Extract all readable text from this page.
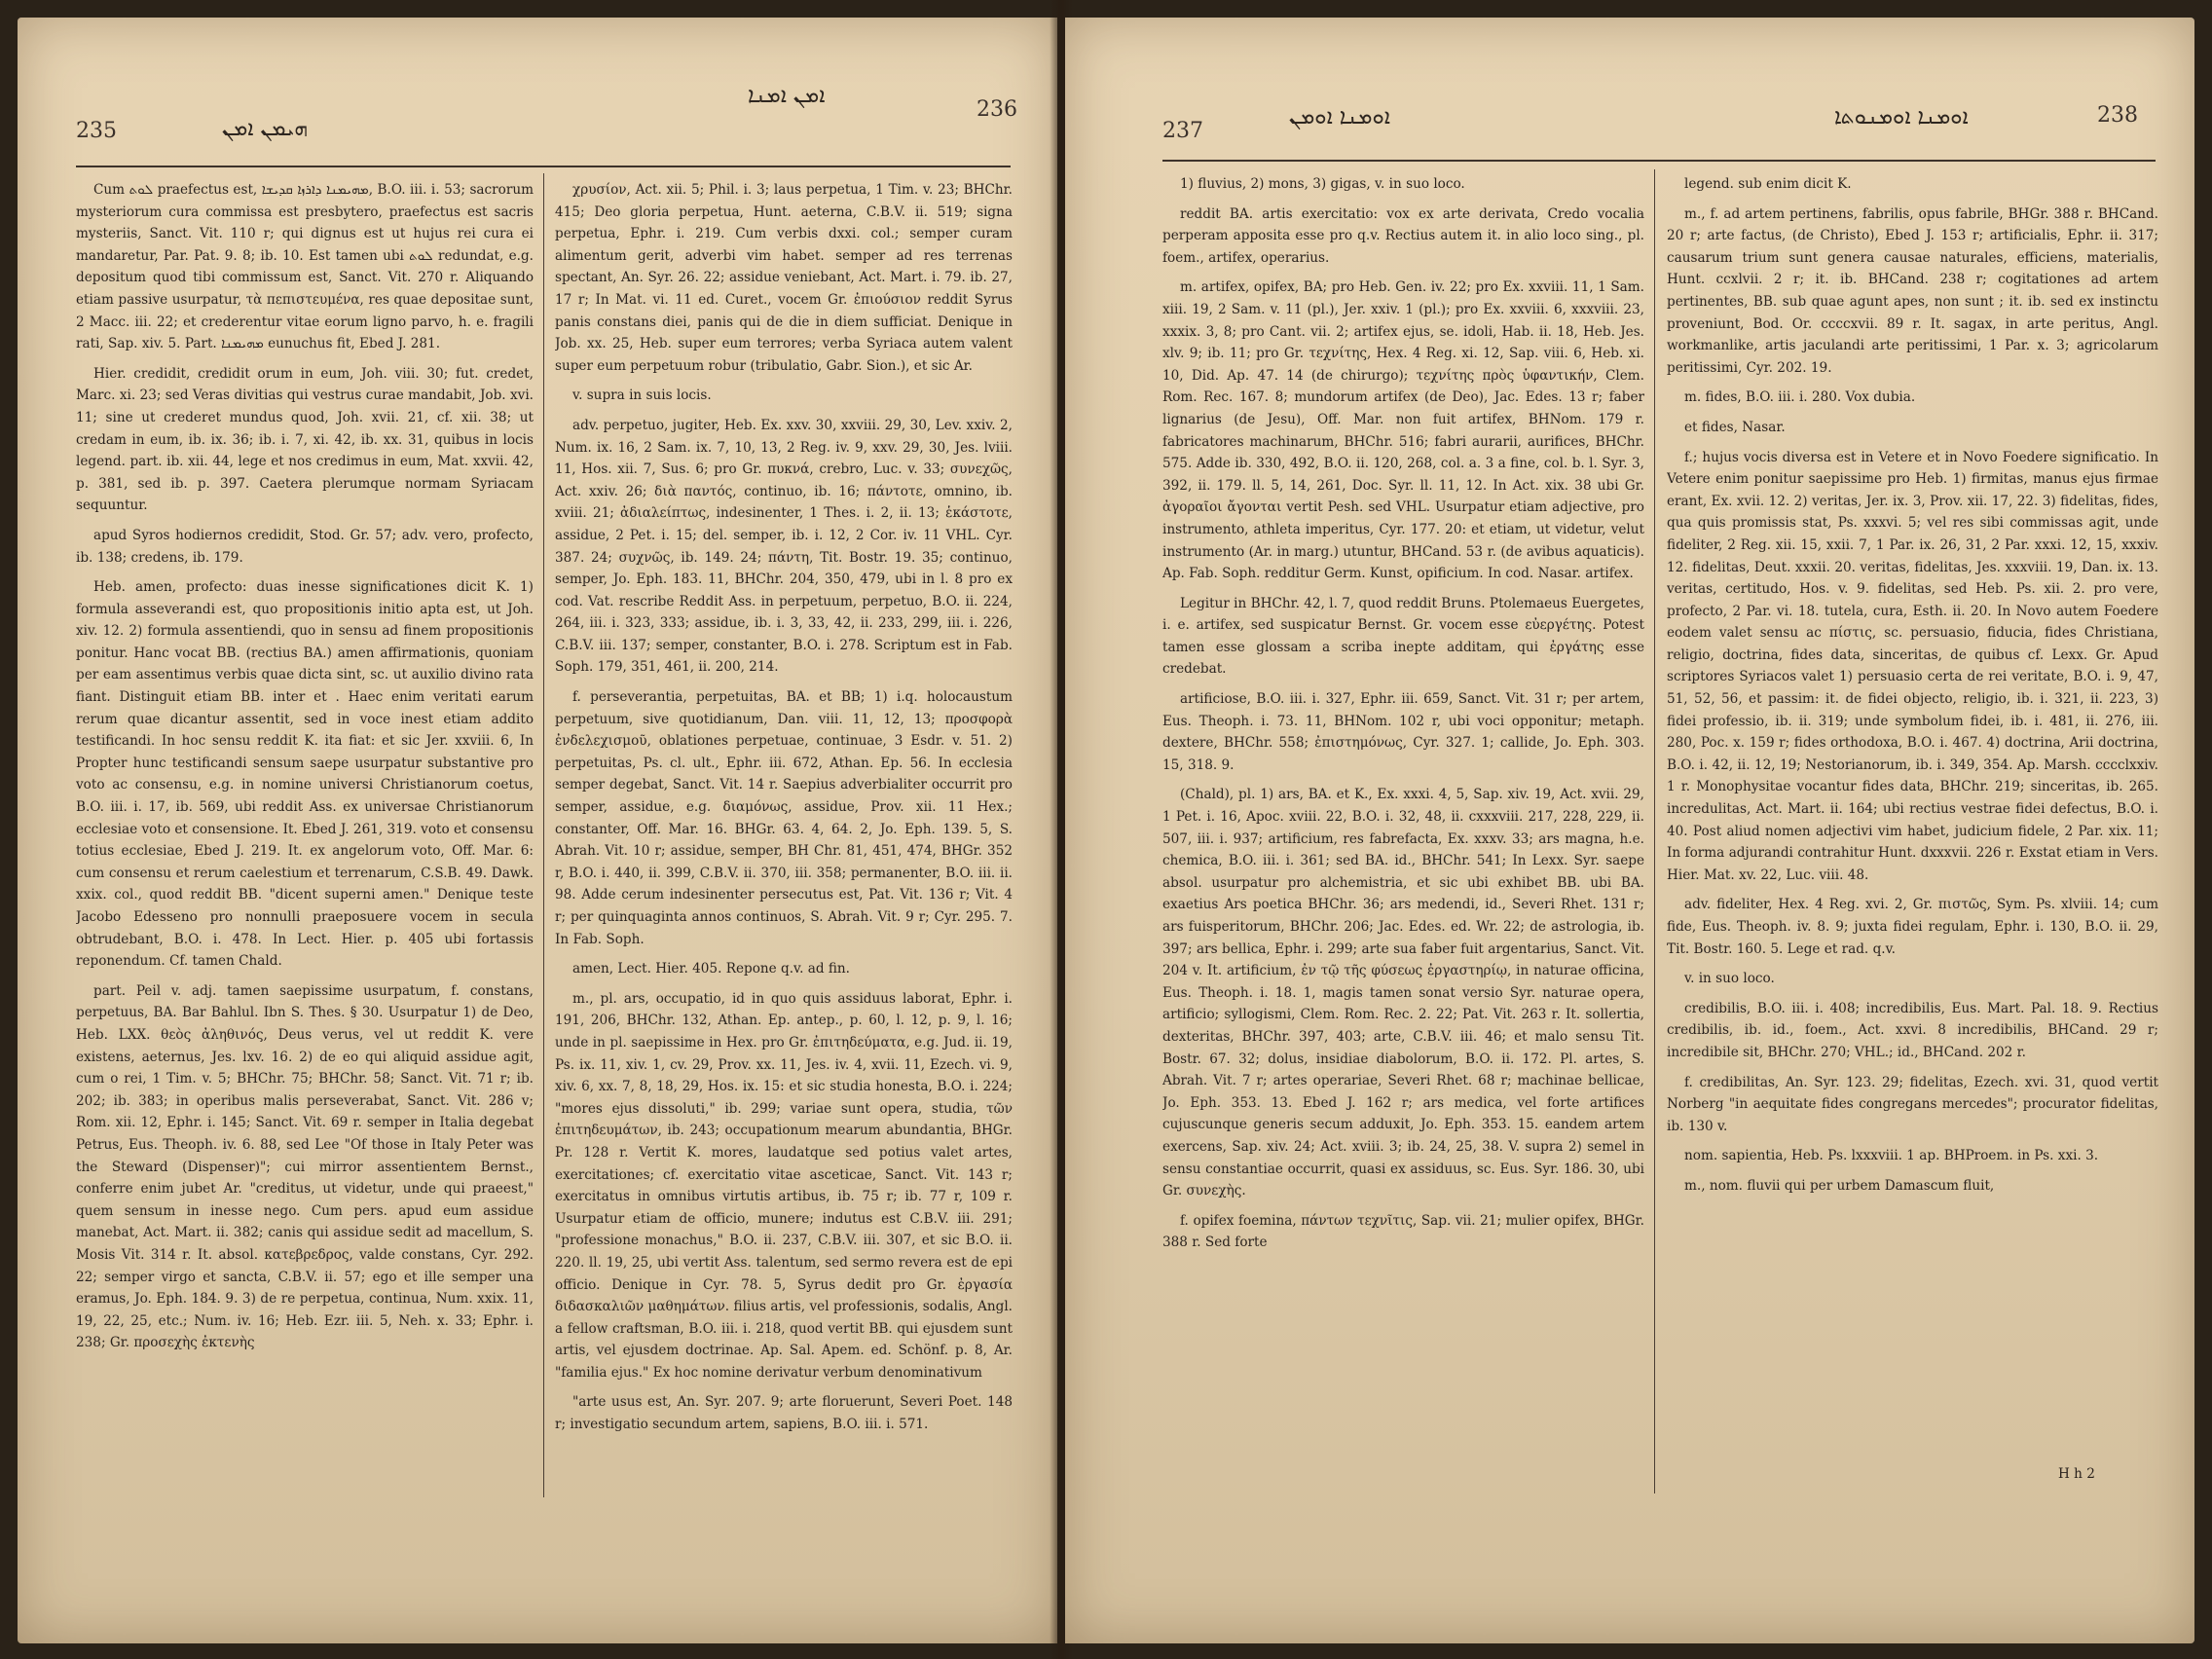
235	ܗܝܡܢ ܐܡܢ
ܐܡܢ ܐܡܢܐ
236

Cum ܠܘܬ praefectus est, ܡܗܝܡܢܐ ܕܐܪܙܐ ܩܕܝܫܐ, B.O. iii. i. 53; sacrorum mysteriorum cura commissa est presbytero, praefectus est sacris mysteriis, Sanct. Vit. 110 r; qui dignus est ut hujus rei cura ei mandaretur, Par. Pat. 9. 8; ib. 10. Est tamen ubi ܠܘܬ redundat, e.g. depositum quod tibi commissum est, Sanct. Vit. 270 r. Aliquando etiam passive usurpatur, τὰ πεπιστευμένα, res quae depositae sunt, 2 Macc. iii. 22; et crederentur vitae eorum ligno parvo, h. e. fragili rati, Sap. xiv. 5. Part. ܡܗܝܡܢܐ eunuchus fit, Ebed J. 281.

Hier. credidit, credidit orum in eum, Joh. viii. 30; fut. credet, Marc. xi. 23; sed Veras divitias qui vestrus curae mandabit, Job. xvi. 11; sine ut crederet mundus quod, Joh. xvii. 21, cf. xii. 38; ut credam in eum, ib. ix. 36; ib. i. 7, xi. 42, ib. xx. 31, quibus in locis legend. part. ib. xii. 44, lege et nos credimus in eum, Mat. xxvii. 42, p. 381, sed ib. p. 397. Caetera plerumque normam Syriacam sequuntur.

apud Syros hodiernos credidit, Stod. Gr. 57; adv. vero, profecto, ib. 138; credens, ib. 179.

Heb. amen, profecto: duas inesse significationes dicit K. 1) formula asseverandi est, quo propositionis initio apta est, ut Joh. xiv. 12. 2) formula assentiendi, quo in sensu ad finem propositionis ponitur. Hanc vocat BB. (rectius BA.) amen affirmationis, quoniam per eam assentimus verbis quae dicta sint, sc. ut auxilio divino rata fiant. Distinguit etiam BB. inter et . Haec enim veritati earum rerum quae dicantur assentit, sed in voce inest etiam addito testificandi. In hoc sensu reddit K. ita fiat: et sic Jer. xxviii. 6, In Propter hunc testificandi sensum saepe usurpatur substantive pro voto ac consensu, e.g. in nomine universi Christianorum coetus, B.O. iii. i. 17, ib. 569, ubi reddit Ass. ex universae Christianorum ecclesiae voto et consensione. It. Ebed J. 261, 319. voto et consensu totius ecclesiae, Ebed J. 219. It. ex angelorum voto, Off. Mar. 6: cum consensu et rerum caelestium et terrenarum, C.S.B. 49. Dawk. xxix. col., quod reddit BB. "dicent superni amen." Denique teste Jacobo Edesseno pro nonnulli praeposuere vocem in secula obtrudebant, B.O. i. 478. In Lect. Hier. p. 405 ubi fortassis reponendum. Cf. tamen Chald.

part. Peil v. adj. tamen saepissime usurpatum, f. constans, perpetuus, BA. Bar Bahlul. Ibn S. Thes. § 30. Usurpatur 1) de Deo, Heb. LXX. θεὸς ἀληθινός, Deus verus, vel ut reddit K. vere existens, aeternus, Jes. lxv. 16. 2) de eo qui aliquid assidue agit, cum o rei, 1 Tim. v. 5; BHChr. 75; BHChr. 58; Sanct. Vit. 71 r; ib. 202; ib. 383; in operibus malis perseverabat, Sanct. Vit. 286 v; Rom. xii. 12, Ephr. i. 145; Sanct. Vit. 69 r. semper in Italia degebat Petrus, Eus. Theoph. iv. 6. 88, sed Lee "Of those in Italy Peter was the Steward (Dispenser)"; cui mirror assentientem Bernst., conferre enim jubet Ar. "creditus, ut videtur, unde qui praeest," quem sensum in inesse nego. Cum pers. apud eum assidue manebat, Act. Mart. ii. 382; canis qui assidue sedit ad macellum, S. Mosis Vit. 314 r. It. absol. κατεβρεδρος, valde constans, Cyr. 292. 22; semper virgo et sancta, C.B.V. ii. 57; ego et ille semper una eramus, Jo. Eph. 184. 9. 3) de re perpetua, continua, Num. xxix. 11, 19, 22, 25, etc.; Num. iv. 16; Heb. Ezr. iii. 5, Neh. x. 33; Ephr. i. 238; Gr. προσεχὴς ἐκτενὴς

χρυσίον, Act. xii. 5; Phil. i. 3; laus perpetua, 1 Tim. v. 23; BHChr. 415; Deo gloria perpetua, Hunt. aeterna, C.B.V. ii. 519; signa perpetua, Ephr. i. 219. Cum verbis dxxi. col.; semper curam alimentum gerit, adverbi vim habet. semper ad res terrenas spectant, An. Syr. 26. 22; assidue veniebant, Act. Mart. i. 79. ib. 27, 17 r; In Mat. vi. 11 ed. Curet., vocem Gr. ἐπιούσιον reddit Syrus panis constans diei, panis qui de die in diem sufficiat. Denique in Job. xx. 25, Heb. super eum terrores; verba Syriaca autem valent super eum perpetuum robur (tribulatio, Gabr. Sion.), et sic Ar.

v. supra in suis locis.

adv. perpetuo, jugiter, Heb. Ex. xxv. 30, xxviii. 29, 30, Lev. xxiv. 2, Num. ix. 16, 2 Sam. ix. 7, 10, 13, 2 Reg. iv. 9, xxv. 29, 30, Jes. lviii. 11, Hos. xii. 7, Sus. 6; pro Gr. πυκνά, crebro, Luc. v. 33; συνεχῶς, Act. xxiv. 26; διὰ παντός, continuo, ib. 16; πάντοτε, omnino, ib. xviii. 21; ἀδιαλείπτως, indesinenter, 1 Thes. i. 2, ii. 13; ἑκάστοτε, assidue, 2 Pet. i. 15; del. semper, ib. i. 12, 2 Cor. iv. 11 VHL. Cyr. 387. 24; συχνῶς, ib. 149. 24; πάντη, Tit. Bostr. 19. 35; continuo, semper, Jo. Eph. 183. 11, BHChr. 204, 350, 479, ubi in l. 8 pro ex cod. Vat. rescribe Reddit Ass. in perpetuum, perpetuo, B.O. ii. 224, 264, iii. i. 323, 333; assidue, ib. i. 3, 33, 42, ii. 233, 299, iii. i. 226, C.B.V. iii. 137; semper, constanter, B.O. i. 278. Scriptum est in Fab. Soph. 179, 351, 461, ii. 200, 214.

f. perseverantia, perpetuitas, BA. et BB; 1) i.q. holocaustum perpetuum, sive quotidianum, Dan. viii. 11, 12, 13; προσφορὰ ἐνδελεχισμοῦ, oblationes perpetuae, continuae, 3 Esdr. v. 51. 2) perpetuitas, Ps. cl. ult., Ephr. iii. 672, Athan. Ep. 56. In ecclesia semper degebat, Sanct. Vit. 14 r. Saepius adverbialiter occurrit pro semper, assidue, e.g. διαμόνως, assidue, Prov. xii. 11 Hex.; constanter, Off. Mar. 16. BHGr. 63. 4, 64. 2, Jo. Eph. 139. 5, S. Abrah. Vit. 10 r; assidue, semper, BH Chr. 81, 451, 474, BHGr. 352 r, B.O. i. 440, ii. 399, C.B.V. ii. 370, iii. 358; permanenter, B.O. iii. ii. 98. Adde cerum indesinenter persecutus est, Pat. Vit. 136 r; Vit. 4 r; per quinquaginta annos continuos, S. Abrah. Vit. 9 r; Cyr. 295. 7. In Fab. Soph.

amen, Lect. Hier. 405. Repone q.v. ad fin.

m., pl. ars, occupatio, id in quo quis assiduus laborat, Ephr. i. 191, 206, BHChr. 132, Athan. Ep. antep., p. 60, l. 12, p. 9, l. 16; unde in pl. saepissime in Hex. pro Gr. ἐπιτηδεύματα, e.g. Jud. ii. 19, Ps. ix. 11, xiv. 1, cv. 29, Prov. xx. 11, Jes. iv. 4, xvii. 11, Ezech. vi. 9, xiv. 6, xx. 7, 8, 18, 29, Hos. ix. 15: et sic studia honesta, B.O. i. 224; "mores ejus dissoluti," ib. 299; variae sunt opera, studia, τῶν ἐπιτηδευμάτων, ib. 243; occupationum mearum abundantia, BHGr. Pr. 128 r. Vertit K. mores, laudatque sed potius valet artes, exercitationes; cf. exercitatio vitae asceticae, Sanct. Vit. 143 r; exercitatus in omnibus virtutis artibus, ib. 75 r; ib. 77 r, 109 r. Usurpatur etiam de officio, munere; indutus est C.B.V. iii. 291; "professione monachus," B.O. ii. 237, C.B.V. iii. 307, et sic B.O. ii. 220. ll. 19, 25, ubi vertit Ass. talentum, sed sermo revera est de epi officio. Denique in Cyr. 78. 5, Syrus dedit pro Gr. ἐργασία διδασκαλιῶν μαθημάτων. filius artis, vel professionis, sodalis, Angl. a fellow craftsman, B.O. iii. i. 218, quod vertit BB. qui ejusdem sunt artis, vel ejusdem doctrinae. Ap. Sal. Apem. ed. Schönf. p. 8, Ar. "familia ejus." Ex hoc nomine derivatur verbum denominativum

"arte usus est, An. Syr. 207. 9; arte floruerunt, Severi Poet. 148 r; investigatio secundum artem, sapiens, B.O. iii. i. 571.

237
ܐܘܡܢܐ ܐܘܡܢ	ܐܘܡܢܐ ܐܘܡܢܘܬܐ	238

1) fluvius, 2) mons, 3) gigas, v. in suo loco.

reddit BA. artis exercitatio: vox ex arte derivata, Credo vocalia perperam apposita esse pro q.v. Rectius autem it. in alio loco sing., pl. foem., artifex, operarius.

m. artifex, opifex, BA; pro Heb. Gen. iv. 22; pro Ex. xxviii. 11, 1 Sam. xiii. 19, 2 Sam. v. 11 (pl.), Jer. xxiv. 1 (pl.); pro Ex. xxviii. 6, xxxviii. 23, xxxix. 3, 8; pro Cant. vii. 2; artifex ejus, se. idoli, Hab. ii. 18, Heb. Jes. xlv. 9; ib. 11; pro Gr. τεχνίτης, Hex. 4 Reg. xi. 12, Sap. viii. 6, Heb. xi. 10, Did. Ap. 47. 14 (de chirurgo); τεχνίτης πρὸς ὑφαντικήν, Clem. Rom. Rec. 167. 8; mundorum artifex (de Deo), Jac. Edes. 13 r; faber lignarius (de Jesu), Off. Mar. non fuit artifex, BHNom. 179 r. fabricatores machinarum, BHChr. 516; fabri aurarii, aurifices, BHChr. 575. Adde ib. 330, 492, B.O. ii. 120, 268, col. a. 3 a fine, col. b. l. Syr. 3, 392, ii. 179. ll. 5, 14, 261, Doc. Syr. ll. 11, 12. In Act. xix. 38 ubi Gr. ἀγοραῖοι ἄγονται vertit Pesh. sed VHL. Usurpatur etiam adjective, pro instrumento, athleta imperitus, Cyr. 177. 20: et etiam, ut videtur, velut instrumento (Ar. in marg.) utuntur, BHCand. 53 r. (de avibus aquaticis). Ap. Fab. Soph. redditur Germ. Kunst, opificium. In cod. Nasar. artifex.

Legitur in BHChr. 42, l. 7, quod reddit Bruns. Ptolemaeus Euergetes, i. e. artifex, sed suspicatur Bernst. Gr. vocem esse εὐεργέτης. Potest tamen esse glossam a scriba inepte additam, qui ἐργάτης esse credebat.

artificiose, B.O. iii. i. 327, Ephr. iii. 659, Sanct. Vit. 31 r; per artem, Eus. Theoph. i. 73. 11, BHNom. 102 r, ubi voci opponitur; metaph. dextere, BHChr. 558; ἐπιστημόνως, Cyr. 327. 1; callide, Jo. Eph. 303. 15, 318. 9.

(Chald), pl. 1) ars, BA. et K., Ex. xxxi. 4, 5, Sap. xiv. 19, Act. xvii. 29, 1 Pet. i. 16, Apoc. xviii. 22, B.O. i. 32, 48, ii. cxxxviii. 217, 228, 229, ii. 507, iii. i. 937; artificium, res fabrefacta, Ex. xxxv. 33; ars magna, h.e. chemica, B.O. iii. i. 361; sed BA. id., BHChr. 541; In Lexx. Syr. saepe absol. usurpatur pro alchemistria, et sic ubi exhibet BB. ubi BA. exaetius Ars poetica BHChr. 36; ars medendi, id., Severi Rhet. 131 r; ars fuisperitorum, BHChr. 206; Jac. Edes. ed. Wr. 22; de astrologia, ib. 397; ars bellica, Ephr. i. 299; arte sua faber fuit argentarius, Sanct. Vit. 204 v. It. artificium, ἐν τῷ τῆς φύσεως ἐργαστηρίῳ, in naturae officina, Eus. Theoph. i. 18. 1, magis tamen sonat versio Syr. naturae opera, artificio; syllogismi, Clem. Rom. Rec. 2. 22; Pat. Vit. 263 r. It. sollertia, dexteritas, BHChr. 397, 403; arte, C.B.V. iii. 46; et malo sensu Tit. Bostr. 67. 32; dolus, insidiae diabolorum, B.O. ii. 172. Pl. artes, S. Abrah. Vit. 7 r; artes operariae, Severi Rhet. 68 r; machinae bellicae, Jo. Eph. 353. 13. Ebed J. 162 r; ars medica, vel forte artifices cujuscunque generis secum adduxit, Jo. Eph. 353. 15. eandem artem exercens, Sap. xiv. 24; Act. xviii. 3; ib. 24, 25, 38. V. supra 2) semel in sensu constantiae occurrit, quasi ex assiduus, sc. Eus. Syr. 186. 30, ubi Gr. συνεχὴς.

f. opifex foemina, πάντων τεχνῖτις, Sap. vii. 21; mulier opifex, BHGr. 388 r. Sed forte

legend. sub enim dicit K.

m., f. ad artem pertinens, fabrilis, opus fabrile, BHGr. 388 r. BHCand. 20 r; arte factus, (de Christo), Ebed J. 153 r; artificialis, Ephr. ii. 317; causarum trium sunt genera causae naturales, efficiens, materialis, Hunt. ccxlvii. 2 r; it. ib. BHCand. 238 r; cogitationes ad artem pertinentes, BB. sub quae agunt apes, non sunt ; it. ib. sed ex instinctu proveniunt, Bod. Or. ccccxvii. 89 r. It. sagax, in arte peritus, Angl. workmanlike, artis jaculandi arte peritissimi, 1 Par. x. 3; agricolarum peritissimi, Cyr. 202. 19.

m. fides, B.O. iii. i. 280. Vox dubia.

et fides, Nasar.

f.; hujus vocis diversa est in Vetere et in Novo Foedere significatio. In Vetere enim ponitur saepissime pro Heb. 1) firmitas, manus ejus firmae erant, Ex. xvii. 12. 2) veritas, Jer. ix. 3, Prov. xii. 17, 22. 3) fidelitas, fides, qua quis promissis stat, Ps. xxxvi. 5; vel res sibi commissas agit, unde fideliter, 2 Reg. xii. 15, xxii. 7, 1 Par. ix. 26, 31, 2 Par. xxxi. 12, 15, xxxiv. 12. fidelitas, Deut. xxxii. 20. veritas, fidelitas, Jes. xxxviii. 19, Dan. ix. 13. veritas, certitudo, Hos. v. 9. fidelitas, sed Heb. Ps. xii. 2. pro vere, profecto, 2 Par. vi. 18. tutela, cura, Esth. ii. 20. In Novo autem Foedere eodem valet sensu ac πίστις, sc. persuasio, fiducia, fides Christiana, religio, doctrina, fides data, sinceritas, de quibus cf. Lexx. Gr. Apud scriptores Syriacos valet 1) persuasio certa de rei veritate, B.O. i. 9, 47, 51, 52, 56, et passim: it. de fidei objecto, religio, ib. i. 321, ii. 223, 3) fidei professio, ib. ii. 319; unde symbolum fidei, ib. i. 481, ii. 276, iii. 280, Poc. x. 159 r; fides orthodoxa, B.O. i. 467. 4) doctrina, Arii doctrina, B.O. i. 42, ii. 12, 19; Nestorianorum, ib. i. 349, 354. Ap. Marsh. cccclxxiv. 1 r. Monophysitae vocantur fides data, BHChr. 219; sinceritas, ib. 265. incredulitas, Act. Mart. ii. 164; ubi rectius vestrae fidei defectus, B.O. i. 40. Post aliud nomen adjectivi vim habet, judicium fidele, 2 Par. xix. 11; In forma adjurandi contrahitur Hunt. dxxxvii. 226 r. Exstat etiam in Vers. Hier. Mat. xv. 22, Luc. viii. 48.

adv. fideliter, Hex. 4 Reg. xvi. 2, Gr. πιστῶς, Sym. Ps. xlviii. 14; cum fide, Eus. Theoph. iv. 8. 9; juxta fidei regulam, Ephr. i. 130, B.O. ii. 29, Tit. Bostr. 160. 5. Lege et rad. q.v.

v. in suo loco.

credibilis, B.O. iii. i. 408; incredibilis, Eus. Mart. Pal. 18. 9. Rectius credibilis, ib. id., foem., Act. xxvi. 8 incredibilis, BHCand. 29 r; incredibile sit, BHChr. 270; VHL.; id., BHCand. 202 r.

f. credibilitas, An. Syr. 123. 29; fidelitas, Ezech. xvi. 31, quod vertit Norberg "in aequitate fides congregans mercedes"; procurator fidelitas, ib. 130 v.

nom. sapientia, Heb. Ps. lxxxviii. 1 ap. BHProem. in Ps. xxi. 3.

m., nom. fluvii qui per urbem Damascum fluit,

H h 2
